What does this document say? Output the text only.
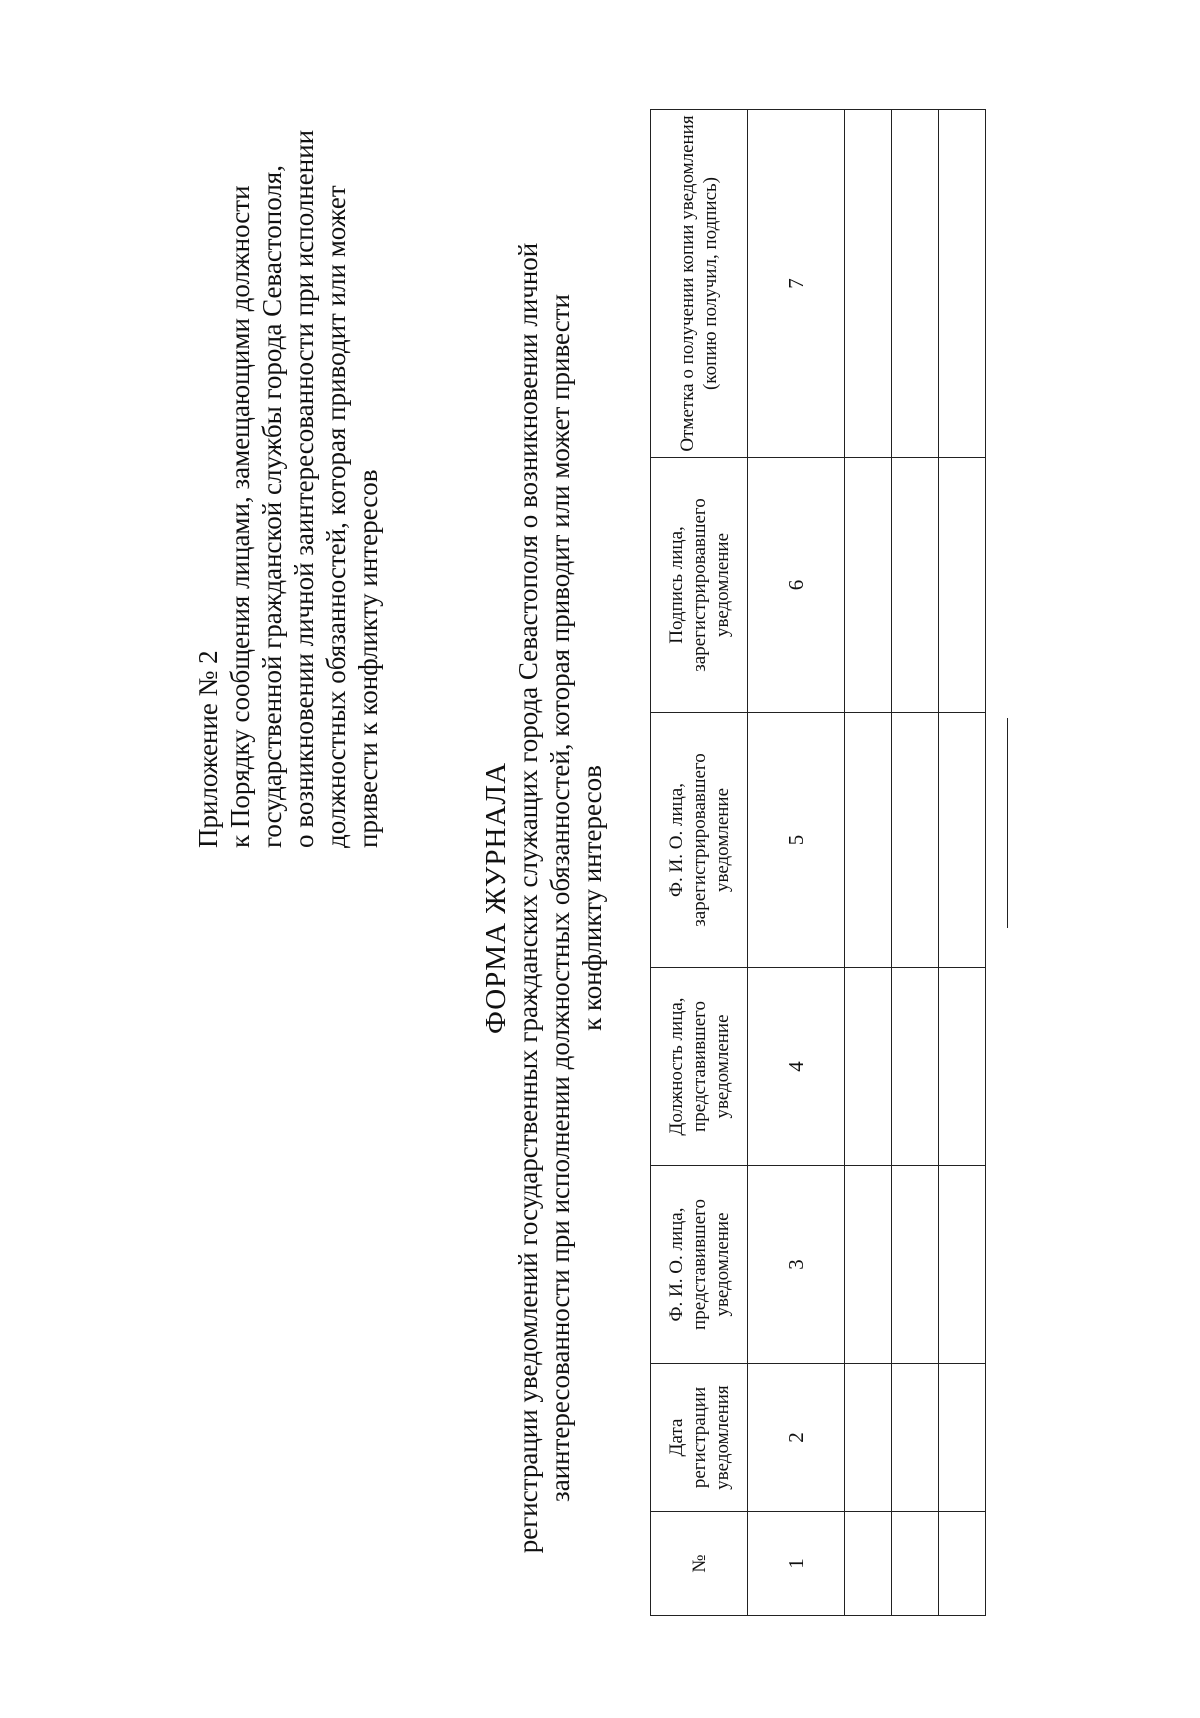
Приложение № 2 к Порядку сообщения лицами, замещающими должности государственной гражданской службы города Севастополя, о возникновении личной заинтересованности при исполнении должностных обязанностей, которая приводит или может привести к конфликту интересов
ФОРМА ЖУРНАЛА регистрации уведомлений государственных гражданских служащих города Севастополя о возникновении личной заинтересованности при исполнении должностных обязанностей, которая приводит или может привести к конфликту интересов
№	Дата регистрации уведомления	Ф. И. О. лица, представившего уведомление	Должность лица, представившего уведомление	Ф. И. О. лица, зарегистрировавшего уведомление	Подпись лица, зарегистрировавшего уведомление	Отметка о получении копии уведомления (копию получил, подпись)
1	2	3	4	5	6	7
